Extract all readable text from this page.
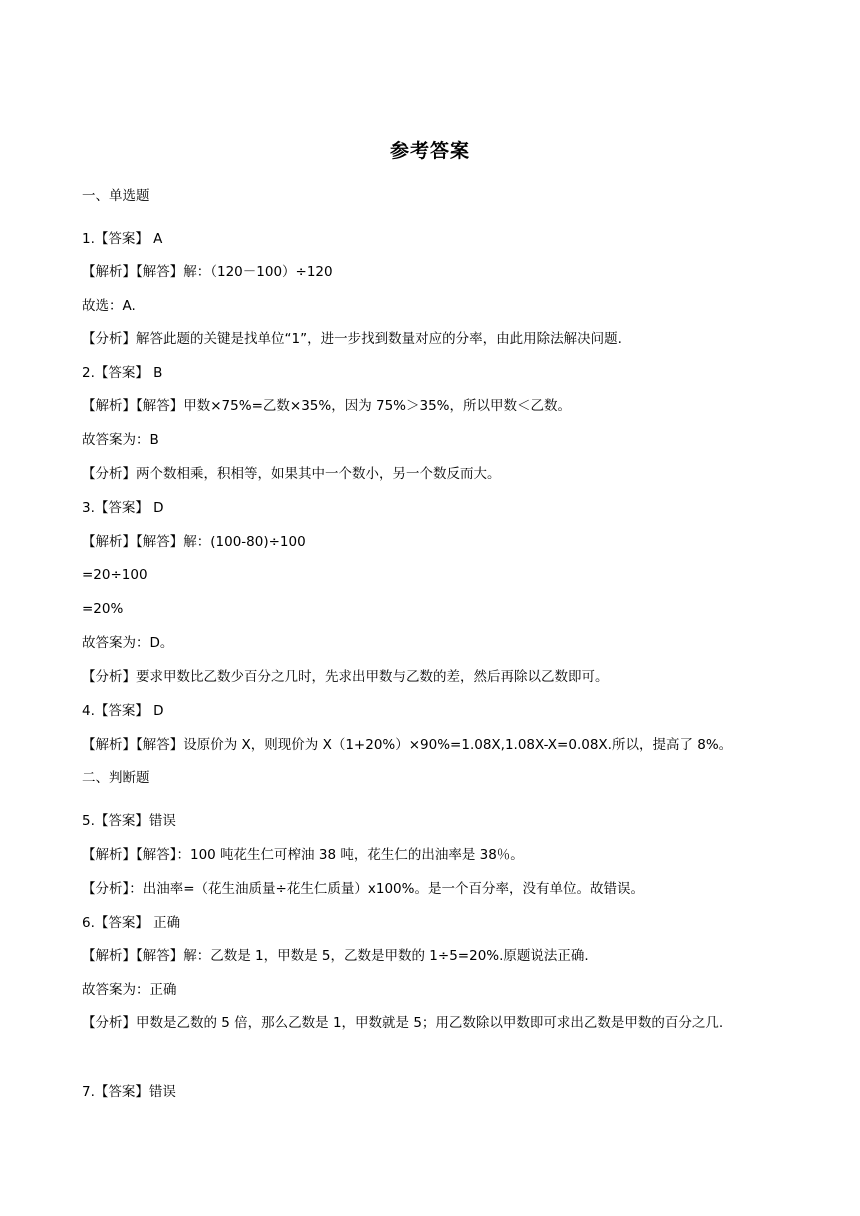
参考答案
一、单选题
1.【答案】 A
【解析】【解答】解：（120－100）÷120
故选：A.
【分析】解答此题的关键是找单位“1”，进一步找到数量对应的分率，由此用除法解决问题.
2.【答案】 B
【解析】【解答】甲数×75%=乙数×35%，因为 75%＞35%，所以甲数＜乙数。
故答案为：B
【分析】两个数相乘，积相等，如果其中一个数小，另一个数反而大。
3.【答案】 D
【解析】【解答】解：(100-80)÷100
=20÷100
=20%
故答案为：D。
【分析】要求甲数比乙数少百分之几时，先求出甲数与乙数的差，然后再除以乙数即可。
4.【答案】 D
【解析】【解答】设原价为 X，则现价为 X（1+20%）×90%=1.08X,1.08X-X=0.08X.所以，提高了 8%。
二、判断题
5.【答案】错误
【解析】【解答】：100 吨花生仁可榨油 38 吨，花生仁的出油率是 38％。
【分析】：出油率=（花生油质量÷花生仁质量）x100%。是一个百分率，没有单位。故错误。
6.【答案】 正确
【解析】【解答】解：乙数是 1，甲数是 5，乙数是甲数的 1÷5=20%.原题说法正确.
故答案为：正确
【分析】甲数是乙数的 5 倍，那么乙数是 1，甲数就是 5；用乙数除以甲数即可求出乙数是甲数的百分之几.
7.【答案】错误
